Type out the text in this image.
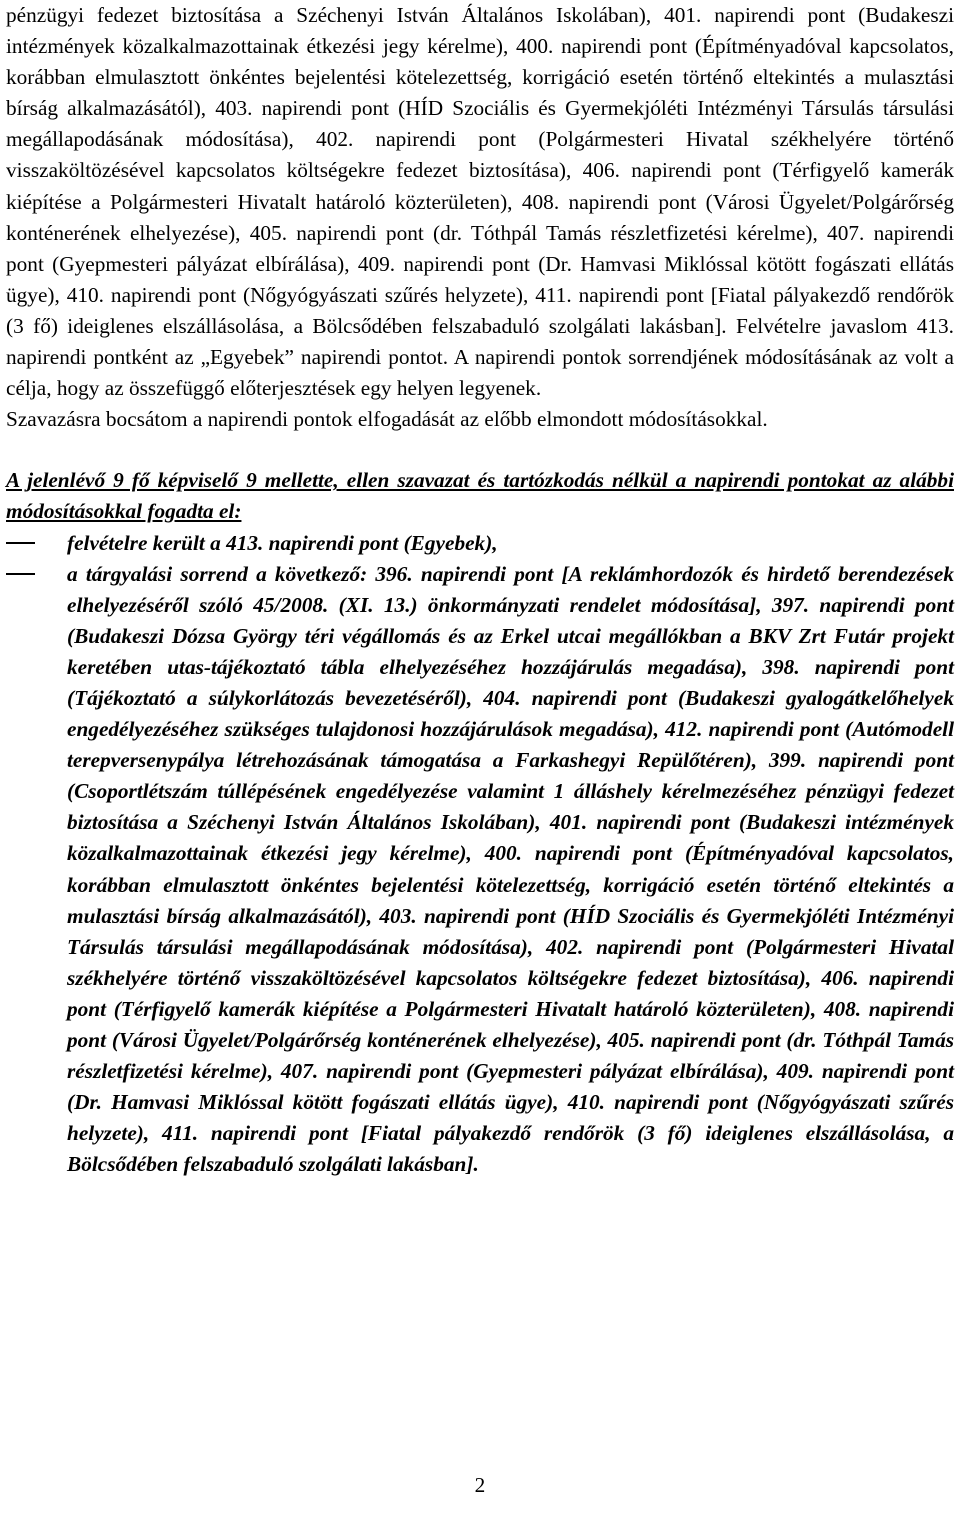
pénzügyi fedezet biztosítása a Széchenyi István Általános Iskolában), 401. napirendi pont (Budakeszi intézmények közalkalmazottainak étkezési jegy kérelme), 400. napirendi pont (Építményadóval kapcsolatos, korábban elmulasztott önkéntes bejelentési kötelezettség, korrigáció esetén történő eltekintés a mulasztási bírság alkalmazásától), 403. napirendi pont (HÍD Szociális és Gyermekjóléti Intézményi Társulás társulási megállapodásának módosítása), 402. napirendi pont (Polgármesteri Hivatal székhelyére történő visszaköltözésével kapcsolatos költségekre fedezet biztosítása), 406. napirendi pont (Térfigyelő kamerák kiépítése a Polgármesteri Hivatalt határoló közterületen), 408. napirendi pont (Városi Ügyelet/Polgárőrség konténerének elhelyezése), 405. napirendi pont (dr. Tóthpál Tamás részletfizetési kérelme), 407. napirendi pont (Gyepmesteri pályázat elbírálása), 409. napirendi pont (Dr. Hamvasi Miklóssal kötött fogászati ellátás ügye), 410. napirendi pont (Nőgyógyászati szűrés helyzete), 411. napirendi pont [Fiatal pályakezdő rendőrök (3 fő) ideiglenes elszállásolása, a Bölcsődében felszabaduló szolgálati lakásban]. Felvételre javaslom 413. napirendi pontként az „Egyebek” napirendi pontot. A napirendi pontok sorrendjének módosításának az volt a célja, hogy az összefüggő előterjesztések egy helyen legyenek.

Szavazásra bocsátom a napirendi pontok elfogadását az előbb elmondott módosításokkal.

A jelenlévő 9 fő képviselő 9 mellette, ellen szavazat és tartózkodás nélkül a napirendi pontokat az alábbi módosításokkal fogadta el:

felvételre került a 413. napirendi pont (Egyebek),
a tárgyalási sorrend a következő: 396. napirendi pont [A reklámhordozók és hirdető berendezések elhelyezéséről szóló 45/2008. (XI. 13.) önkormányzati rendelet módosítása], 397. napirendi pont (Budakeszi Dózsa György téri végállomás és az Erkel utcai megállókban a BKV Zrt Futár projekt keretében utas-tájékoztató tábla elhelyezéséhez hozzájárulás megadása), 398. napirendi pont (Tájékoztató a súlykorlátozás bevezetéséről), 404. napirendi pont (Budakeszi gyalogátkelőhelyek engedélyezéséhez szükséges tulajdonosi hozzájárulások megadása), 412. napirendi pont (Autómodell terepversenypálya létrehozásának támogatása a Farkashegyi Repülőtéren), 399. napirendi pont (Csoportlétszám túllépésének engedélyezése valamint 1 álláshely kérelmezéséhez pénzügyi fedezet biztosítása a Széchenyi István Általános Iskolában), 401. napirendi pont (Budakeszi intézmények közalkalmazottainak étkezési jegy kérelme), 400. napirendi pont (Építményadóval kapcsolatos, korábban elmulasztott önkéntes bejelentési kötelezettség, korrigáció esetén történő eltekintés a mulasztási bírság alkalmazásától), 403. napirendi pont (HÍD Szociális és Gyermekjóléti Intézményi Társulás társulási megállapodásának módosítása), 402. napirendi pont (Polgármesteri Hivatal székhelyére történő visszaköltözésével kapcsolatos költségekre fedezet biztosítása), 406. napirendi pont (Térfigyelő kamerák kiépítése a Polgármesteri Hivatalt határoló közterületen), 408. napirendi pont (Városi Ügyelet/Polgárőrség konténerének elhelyezése), 405. napirendi pont (dr. Tóthpál Tamás részletfizetési kérelme), 407. napirendi pont (Gyepmesteri pályázat elbírálása), 409. napirendi pont (Dr. Hamvasi Miklóssal kötött fogászati ellátás ügye), 410. napirendi pont (Nőgyógyászati szűrés helyzete), 411. napirendi pont [Fiatal pályakezdő rendőrök (3 fő) ideiglenes elszállásolása, a Bölcsődében felszabaduló szolgálati lakásban].
2
